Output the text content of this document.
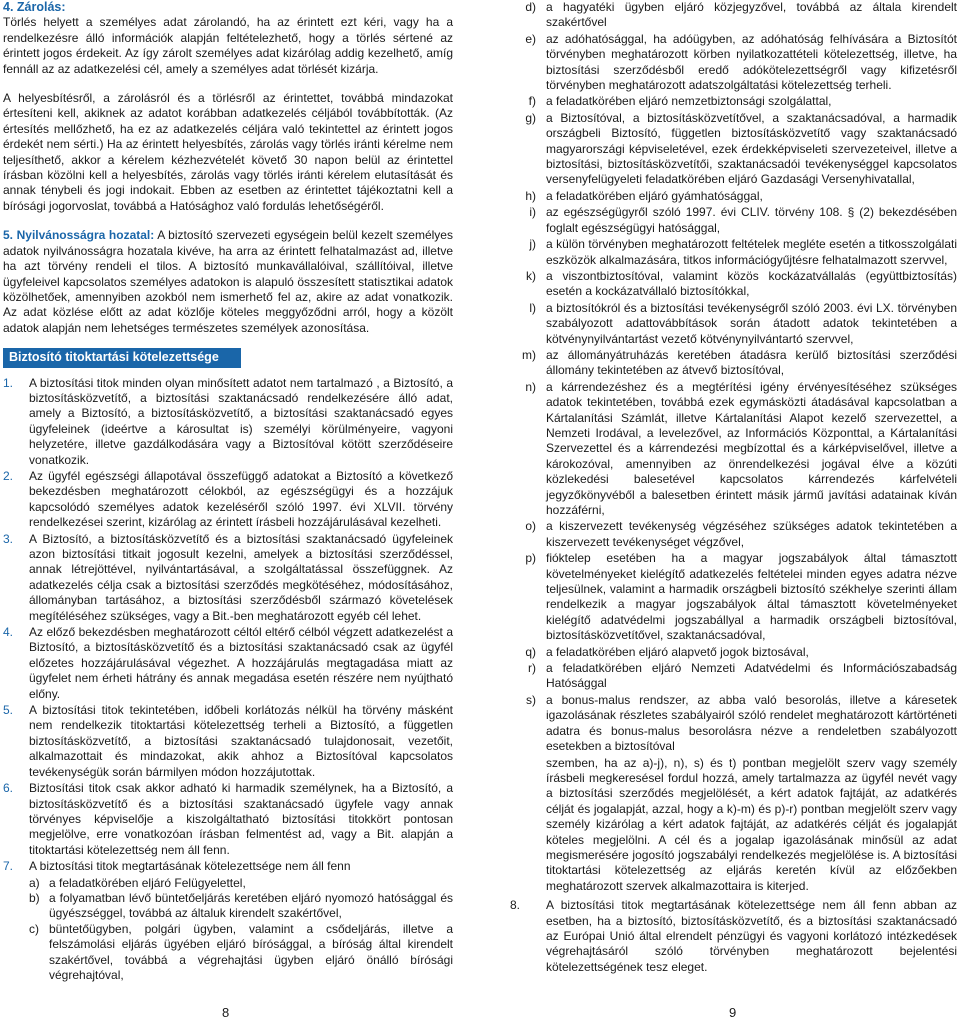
4. Zárolás:

Törlés helyett a személyes adat zárolandó, ha az érintett ezt kéri, vagy ha a rendelkezésre álló információk alapján feltételezhető, hogy a törlés sértené az érintett jogos érdekeit. Az így zárolt személyes adat kizárólag addig kezelhető, amíg fennáll az az adatkezelési cél, amely a személyes adat törlését kizárja.

A helyesbítésről, a zárolásról és a törlésről az érintettet, továbbá mindazokat értesíteni kell, akiknek az adatot korábban adatkezelés céljából továbbították. (Az értesítés mellőzhető, ha ez az adatkezelés céljára való tekintettel az érintett jogos érdekét nem sérti.) Ha az érintett helyesbítés, zárolás vagy törlés iránti kérelme nem teljesíthető, akkor a kérelem kézhezvételét követő 30 napon belül az érintettel írásban közölni kell a helyesbítés, zárolás vagy törlés iránti kérelem elutasítását és annak ténybeli és jogi indokait. Ebben az esetben az érintettet tájékoztatni kell a bírósági jogorvoslat, továbbá a Hatósághoz való fordulás lehetőségéről.

5. Nyilvánosságra hozatal: A biztosító szervezeti egységein belül kezelt személyes adatok nyilvánosságra hozatala kivéve, ha arra az érintett felhatalmazást ad, illetve ha azt törvény rendeli el tilos. A biztosító munkavállalóival, szállítóival, illetve ügyfeleivel kapcsolatos személyes adatokon is alapuló összesített statisztikai adatok közölhetőek, amennyiben azokból nem ismerhető fel az, akire az adat vonatkozik. Az adat közlése előtt az adat közlője köteles meggyőződni arról, hogy a közölt adatok alapján nem lehetséges természetes személyek azonosítása.

Biztosító titoktartási kötelezettsége
1.	A biztosítási titok minden olyan minősített adatot nem tartalmazó , a Biztosító, a biztosításközvetítő, a biztosítási szaktanácsadó rendelkezésére álló adat, amely a Biztosító, a biztosításközvetítő, a biztosítási szaktanácsadó egyes ügyfeleinek (ideértve a károsultat is) személyi körülményeire, vagyoni helyzetére, illetve gazdálkodására vagy a Biztosítóval kötött szerződéseire vonatkozik.
2.	Az ügyfél egészségi állapotával összefüggő adatokat a Biztosító a következő bekezdésben meghatározott célokból, az egészségügyi és a hozzájuk kapcsolódó személyes adatok kezeléséről szóló 1997. évi XLVII. törvény rendelkezései szerint, kizárólag az érintett írásbeli hozzájárulásával kezelheti.
3.	A Biztosító, a biztosításközvetítő és a biztosítási szaktanácsadó ügyfeleinek azon biztosítási titkait jogosult kezelni, amelyek a biztosítási szerződéssel, annak létrejöttével, nyilvántartásával, a szolgáltatással összefüggnek. Az adatkezelés célja csak a biztosítási szerződés megkötéséhez, módosításához, állományban tartásához, a biztosítási szerződésből származó követelések megítéléséhez szükséges, vagy a Bit.-ben meghatározott egyéb cél lehet.
4.	Az előző bekezdésben meghatározott céltól eltérő célból végzett adatkezelést a Biztosító, a biztosításközvetítő és a biztosítási szaktanácsadó csak az ügyfél előzetes hozzájárulásával végezhet. A hozzájárulás megtagadása miatt az ügyfelet nem érheti hátrány és annak megadása esetén részére nem nyújtható előny.
5.	A biztosítási titok tekintetében, időbeli korlátozás nélkül ha törvény másként nem rendelkezik titoktartási kötelezettség terheli a Biztosító, a független biztosításközvetítő, a biztosítási szaktanácsadó tulajdonosait, vezetőit, alkalmazottait és mindazokat, akik ahhoz a Biztosítóval kapcsolatos tevékenységük során bármilyen módon hozzájutottak.
6.	Biztosítási titok csak akkor adható ki harmadik személynek, ha a Biztosító, a biztosításközvetítő és a biztosítási szaktanácsadó ügyfele vagy annak törvényes képviselője a kiszolgáltatható biztosítási titokkört pontosan megjelölve, erre vonatkozóan írásban felmentést ad, vagy a Bit. alapján a titoktartási kötelezettség nem áll fenn.
7.	A biztosítási titok megtartásának kötelezettsége nem áll fenn
a) a feladatkörében eljáró Felügyelettel,
b) a folyamatban lévő büntetőeljárás keretében eljáró nyomozó hatósággal és ügyészséggel, továbbá az általuk kirendelt szakértővel,
c) büntetőügyben, polgári ügyben, valamint a csődeljárás, illetve a felszámolási eljárás ügyében eljáró bírósággal, a bíróság által kirendelt szakértővel, továbbá a végrehajtási ügyben eljáró önálló bírósági végrehajtóval,
8
d) a hagyatéki ügyben eljáró közjegyzővel, továbbá az általa kirendelt szakértővel
e) az adóhatósággal, ha adóügyben, az adóhatóság felhívására a Biztosítót törvényben meghatározott körben nyilatkozattételi kötelezettség, illetve, ha biztosítási szerződésből eredő adókötelezettségről vagy kifizetésről törvényben meghatározott adatszolgáltatási kötelezettség terheli.
f) a feladatkörében eljáró nemzetbiztonsági szolgálattal,
g) a Biztosítóval, a biztosításközvetítővel, a szaktanácsadóval, a harmadik országbeli Biztosító, független biztosításközvetítő vagy szaktanácsadó magyarországi képviseletével, ezek érdekképviseleti szervezeteivel, illetve a biztosítási, biztosításközvetítői, szaktanácsadói tevékenységgel kapcsolatos versenyfelügyeleti feladatkörében eljáró Gazdasági Versenyhivatallal,
h) a feladatkörében eljáró gyámhatósággal,
i) az egészségügyről szóló 1997. évi CLIV. törvény 108. § (2) bekezdésében foglalt egészségügyi hatósággal,
j) a külön törvényben meghatározott feltételek megléte esetén a titkosszolgálati eszközök alkalmazására, titkos információgyűjtésre felhatalmazott szervvel,
k) a viszontbiztosítóval, valamint közös kockázatvállalás (együttbiztosítás) esetén a kockázatvállaló biztosítókkal,
l) a biztosítókról és a biztosítási tevékenységről szóló 2003. évi LX. törvényben szabályozott adattovábbítások során átadott adatok tekintetében a kötvénynyilvántartást vezető kötvénynyilvántartó szervvel,
m) az állományátruházás keretében átadásra kerülő biztosítási szerződési állomány tekintetében az átvevő biztosítóval,
n) a kárrendezéshez és a megtérítési igény érvényesítéséhez szükséges adatok tekintetében, továbbá ezek egymásközti átadásával kapcsolatban a Kártalanítási Számlát, illetve Kártalanítási Alapot kezelő szervezettel, a Nemzeti Irodával, a levelezővel, az Információs Központtal, a Kártalanítási Szervezettel és a kárrendezési megbízottal és a kárképviselővel, illetve a károkozóval, amennyiben az önrendelkezési jogával élve a közúti közlekedési balesetével kapcsolatos kárrendezés kárfelvételi jegyzőkönyvéből a balesetben érintett másik jármű javítási adatainak kíván hozzáférni,
o) a kiszervezett tevékenység végzéséhez szükséges adatok tekintetében a kiszervezett tevékenységet végzővel,
p) fióktelep esetében ha a magyar jogszabályok által támasztott követelményeket kielégítő adatkezelés feltételei minden egyes adatra nézve teljesülnek, valamint a harmadik országbeli biztosító székhelye szerinti állam rendelkezik a magyar jogszabályok által támasztott követelményeket kielégítő adatvédelmi jogszabállyal a harmadik országbeli biztosítóval, biztosításközvetítővel, szaktanácsadóval,
q) a feladatkörében eljáró alapvető jogok biztosával,
r) a feladatkörében eljáró Nemzeti Adatvédelmi és Információszabadság Hatósággal
s) a bonus-malus rendszer, az abba való besorolás, illetve a káresetek igazolásának részletes szabályairól szóló rendelet meghatározott kártörténeti adatra és bonus-malus besorolásra nézve a rendeletben szabályozott esetekben a biztosítóval

szemben, ha az a)-j), n), s) és t) pontban megjelölt szerv vagy személy írásbeli megkeresésel fordul hozzá, amely tartalmazza az ügyfél nevét vagy a biztosítási szerződés megjelölését, a kért adatok fajtáját, az adatkérés célját és jogalapját, azzal, hogy a k)-m) és p)-r) pontban megjelölt szerv vagy személy kizárólag a kért adatok fajtáját, az adatkérés célját és jogalapját köteles megjelölni. A cél és a jogalap igazolásának minősül az adat megismerésére jogosító jogszabályi rendelkezés megjelölése is. A biztosítási titoktartási kötelezettség az eljárás keretén kívül az előzőekben meghatározott szervek alkalmazottaira is kiterjed.

8.	A biztosítási titok megtartásának kötelezettsége nem áll fenn abban az esetben, ha a biztosító, biztosításközvetítő, és a biztosítási szaktanácsadó az Európai Unió által elrendelt pénzügyi és vagyoni korlátozó intézkedések végrehajtásáról szóló törvényben meghatározott bejelentési kötelezettségének tesz eleget.
9
